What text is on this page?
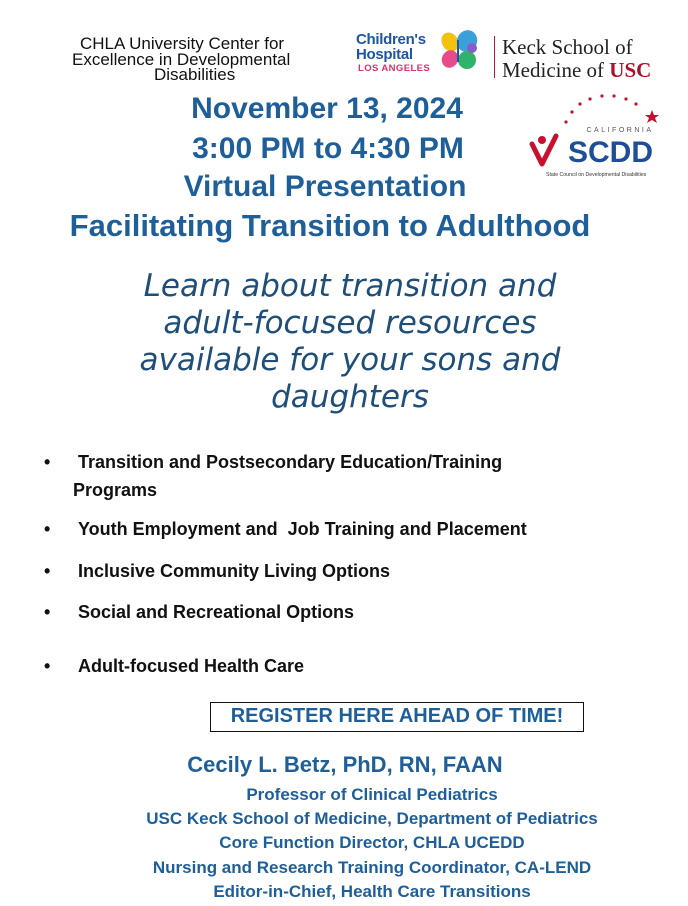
CHLA University Center for
Excellence in Developmental
Disabilities
Children's
Hospital
LOS ANGELES
Keck School of
Medicine of USC
November 13, 2024
3:00 PM to 4:30 PM
Virtual Presentation
Facilitating Transition to Adulthood
CALIFORNIA
SCDD
State Council on Developmental Disabilities
Learn about transition and adult-focused resources available for your sons and daughters
• Transition and Postsecondary Education/Training
Programs
• Youth Employment and  Job Training and Placement
• Inclusive Community Living Options
• Social and Recreational Options
• Adult-focused Health Care
REGISTER HERE AHEAD OF TIME!
Cecily L. Betz, PhD, RN, FAAN
Professor of Clinical Pediatrics
USC Keck School of Medicine, Department of Pediatrics
Core Function Director, CHLA UCEDD
Nursing and Research Training Coordinator, CA-LEND
Editor-in-Chief, Health Care Transitions
